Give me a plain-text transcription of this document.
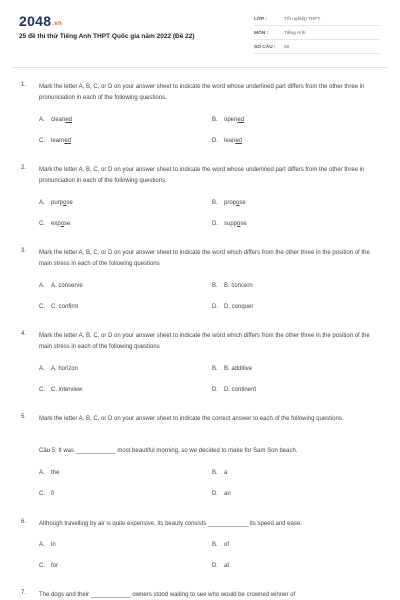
2048.vn
25 đề thi thử Tiếng Anh THPT Quốc gia năm 2022 (Đề 22)
LỚP :	Tốt nghiệp THPT
MÔN :	Tiếng Anh
SỐ CÂU : 50
1. Mark the letter A, B, C, or D on your answer sheet to indicate the word whose underlined part differs from the other three in pronunciation in each of the following questions.
A. cleaned	B. opened
C. learned	D. leaned
2. Mark the letter A, B, C, or D on your answer sheet to indicate the word whose underlined part differs from the other three in pronunciation in each of the following questions.
A. purpose	B. propose
C. expose	D. suppose
3. Mark the letter A, B, C, or D on your answer sheet to indicate the word which differs from the other three in the position of the main stress in each of the following questions
A. A. conserve	B. B. concern
C. C. confirm	D. D. conquer
4. Mark the letter A, B, C, or D on your answer sheet to indicate the word which differs from the other three in the position of the main stress in each of the following questions
A. A. horizon	B. B. additive
C. C. interview	D. D. continent
5. Mark the letter A, B, C, or D on your answer sheet to indicate the correct answer to each of the following questions.
Câu 5: It was ____________ most beautiful morning, so we decided to make for Sam Son beach.
A. the	B. a
C. 0	D. an
6. Although travelling by air is quite expensive, its beauty consists ____________ its speed and ease.
A. in	B. of
C. for	D. at
7. The dogs and their ____________ owners stood waiting to see who would be crowned winner of
